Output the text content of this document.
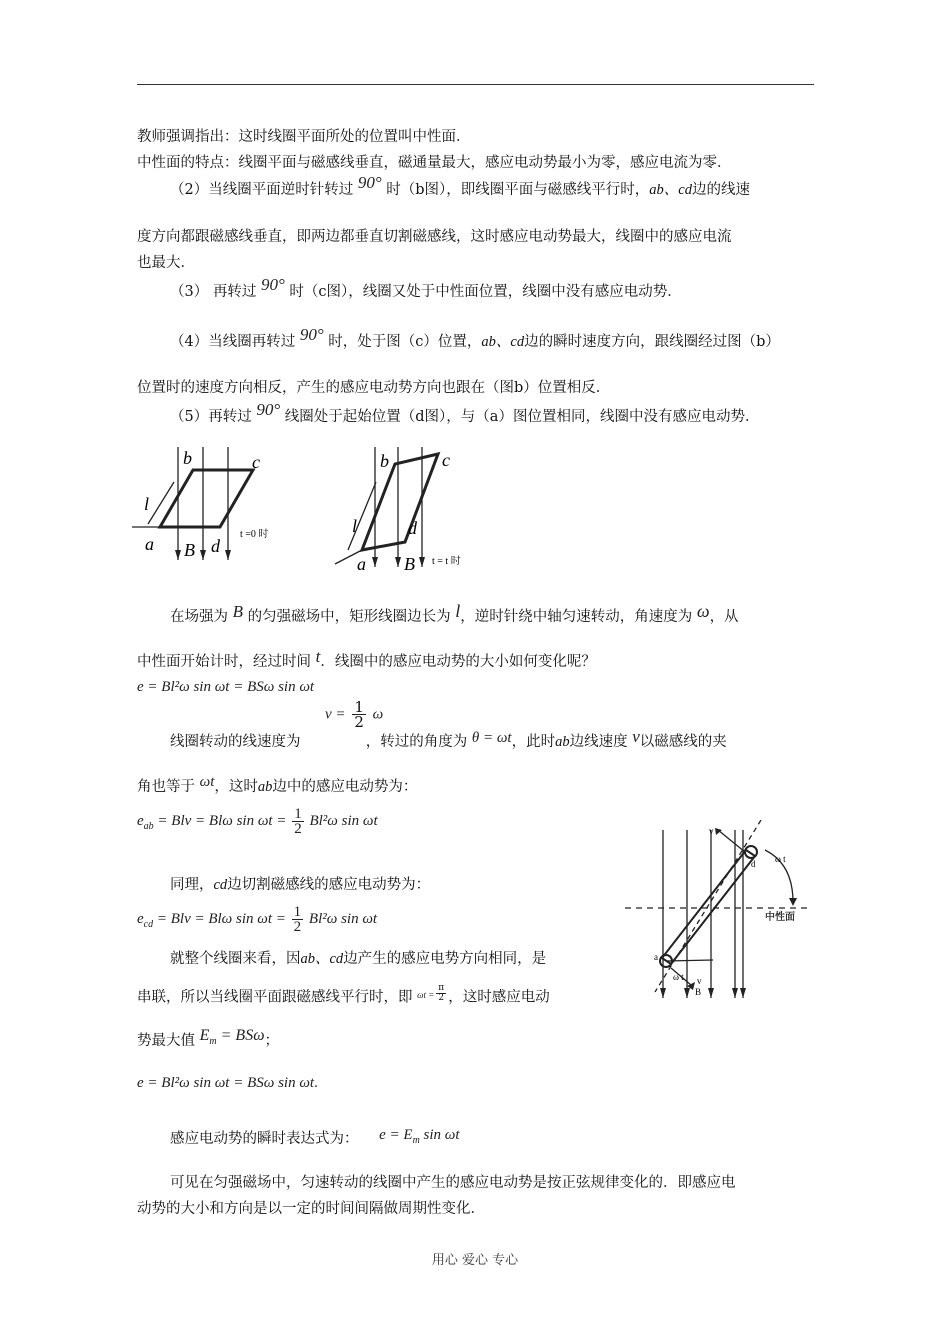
教师强调指出：这时线圈平面所处的位置叫中性面．
中性面的特点：线圈平面与磁感线垂直，磁通量最大，感应电动势最小为零，感应电流为零．
（2）当线圈平面逆时针转过 90° 时（b图），即线圈平面与磁感线平行时，ab、cd边的线速
度方向都跟磁感线垂直，即两边都垂直切割磁感线，这时感应电动势最大，线圈中的感应电流
也最大．
（3） 再转过 90° 时（c图），线圈又处于中性面位置，线圈中没有感应电动势．
（4）当线圈再转过 90° 时，处于图（c）位置，ab、cd边的瞬时速度方向，跟线圈经过图（b）
位置时的速度方向相反，产生的感应电动势方向也跟在（图b）位置相反．
（5）再转过 90° 线圈处于起始位置（d图），与（a）图位置相同，线圈中没有感应电动势．
b	c
l
a B d
t =0 时
b	c
l	d
a B t = t 时
在场强为 B 的匀强磁场中，矩形线圈边长为 l，逆时针绕中轴匀速转动，角速度为 ω，从
中性面开始计时，经过时间 t．线圈中的感应电动势的大小如何变化呢？
e = Bl²ω sin ωt = BSω sin ωt
$v = \frac{1}{2}$ ω
线圈转动的线速度为	，转过的角度为 θ = ωt，此时ab边线速度 v以磁感线的夹
角也等于 ωt，这时ab边中的感应电动势为：
$e_{ab}$ = Blv = Blω $\sin \omega t = \frac{1}{2} Bl^2\omega$ sin ωt
同理，cd边切割磁感线的感应电动势为：
$e_{cd}$ = Blv = Blω $\sin \omega t = \frac{1}{2} Bl^2\omega$ sin ωt
就整个线圈来看，因ab、cd边产生的感应电势方向相同，是
串联，所以当线圈平面跟磁感线平行时，即 $^{\omega t =} \frac{\pi}{2}$ ，这时感应电动
势最大值 $E_m = BS\omega$；
e = Bl²ω sin ωt = BSω sin ωt.
感应电动势的瞬时表达式为： $e = E_m$ sin ωt
可见在匀强磁场中，匀速转动的线圈中产生的感应电动势是按正弦规律变化的．即感应电
动势的大小和方向是以一定的时间间隔做周期性变化．
v
d ω t
中性面
a
ω t v
B
用心 爱心 专心
